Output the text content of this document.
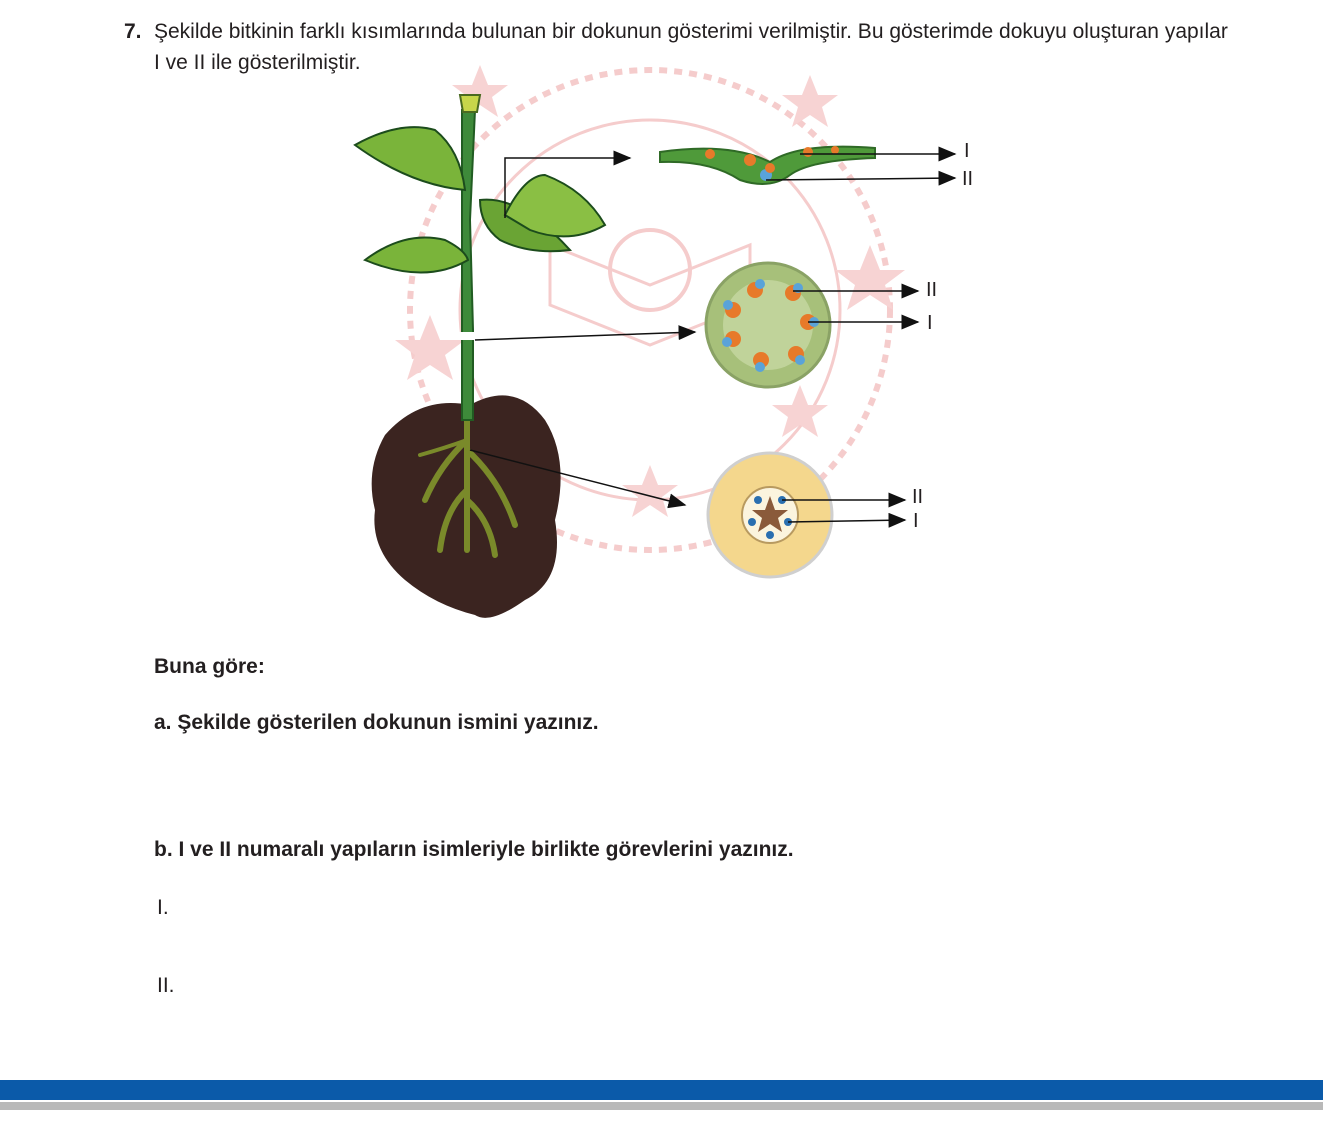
7. Şekilde bitkinin farklı kısımlarında bulunan bir dokunun gösterimi verilmiştir. Bu gösterimde dokuyu oluşturan yapılar I ve II ile gösterilmiştir.
I
II
II
I
II
I
Buna göre:
a. Şekilde gösterilen dokunun ismini yazınız.
b. I ve II numaralı yapıların isimleriyle birlikte görevlerini yazınız.
I.
II.
